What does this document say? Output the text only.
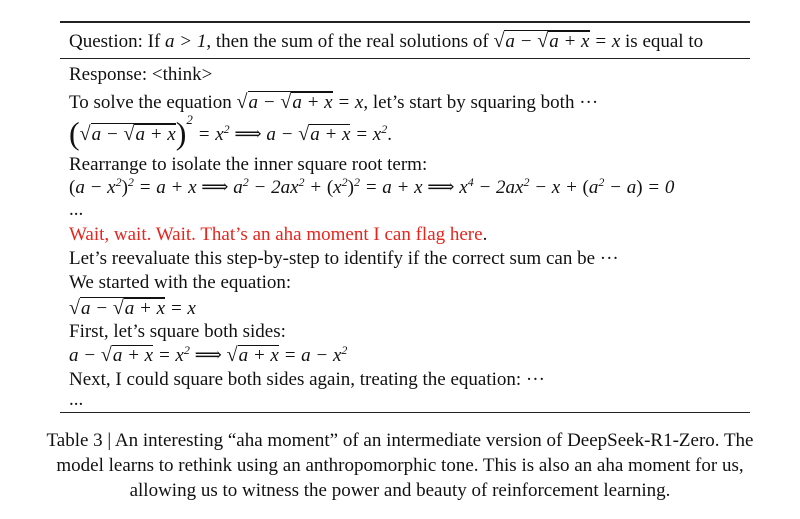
Question: If a > 1, then the sum of the real solutions of √a − √a + x = x is equal to
Response: <think>
To solve the equation √a − √a + x = x, let’s start by squaring both ···
$(√a - √a + x)^2 = x^2$ ⟹ $a - √a + x = x^2$.
Rearrange to isolate the inner square root term:
$(a - x^2)^2 = a + x$ ⟹ $a^2 - 2ax^2 + (x^2)^2 = a + x$ ⟹ $x^4 - 2ax^2 - x + (a^2 - a) = 0$
...
Wait, wait. Wait. That’s an aha moment I can flag here.
Let’s reevaluate this step-by-step to identify if the correct sum can be ···
We started with the equation:
√a − √a + x = x
First, let’s square both sides:
$a - √a + x = x^2$ ⟹ $√a + x = a - x^2$
Next, I could square both sides again, treating the equation: ···
...
Table 3 | An interesting “aha moment” of an intermediate version of DeepSeek-R1-Zero. The
model learns to rethink using an anthropomorphic tone. This is also an aha moment for us,
allowing us to witness the power and beauty of reinforcement learning.
